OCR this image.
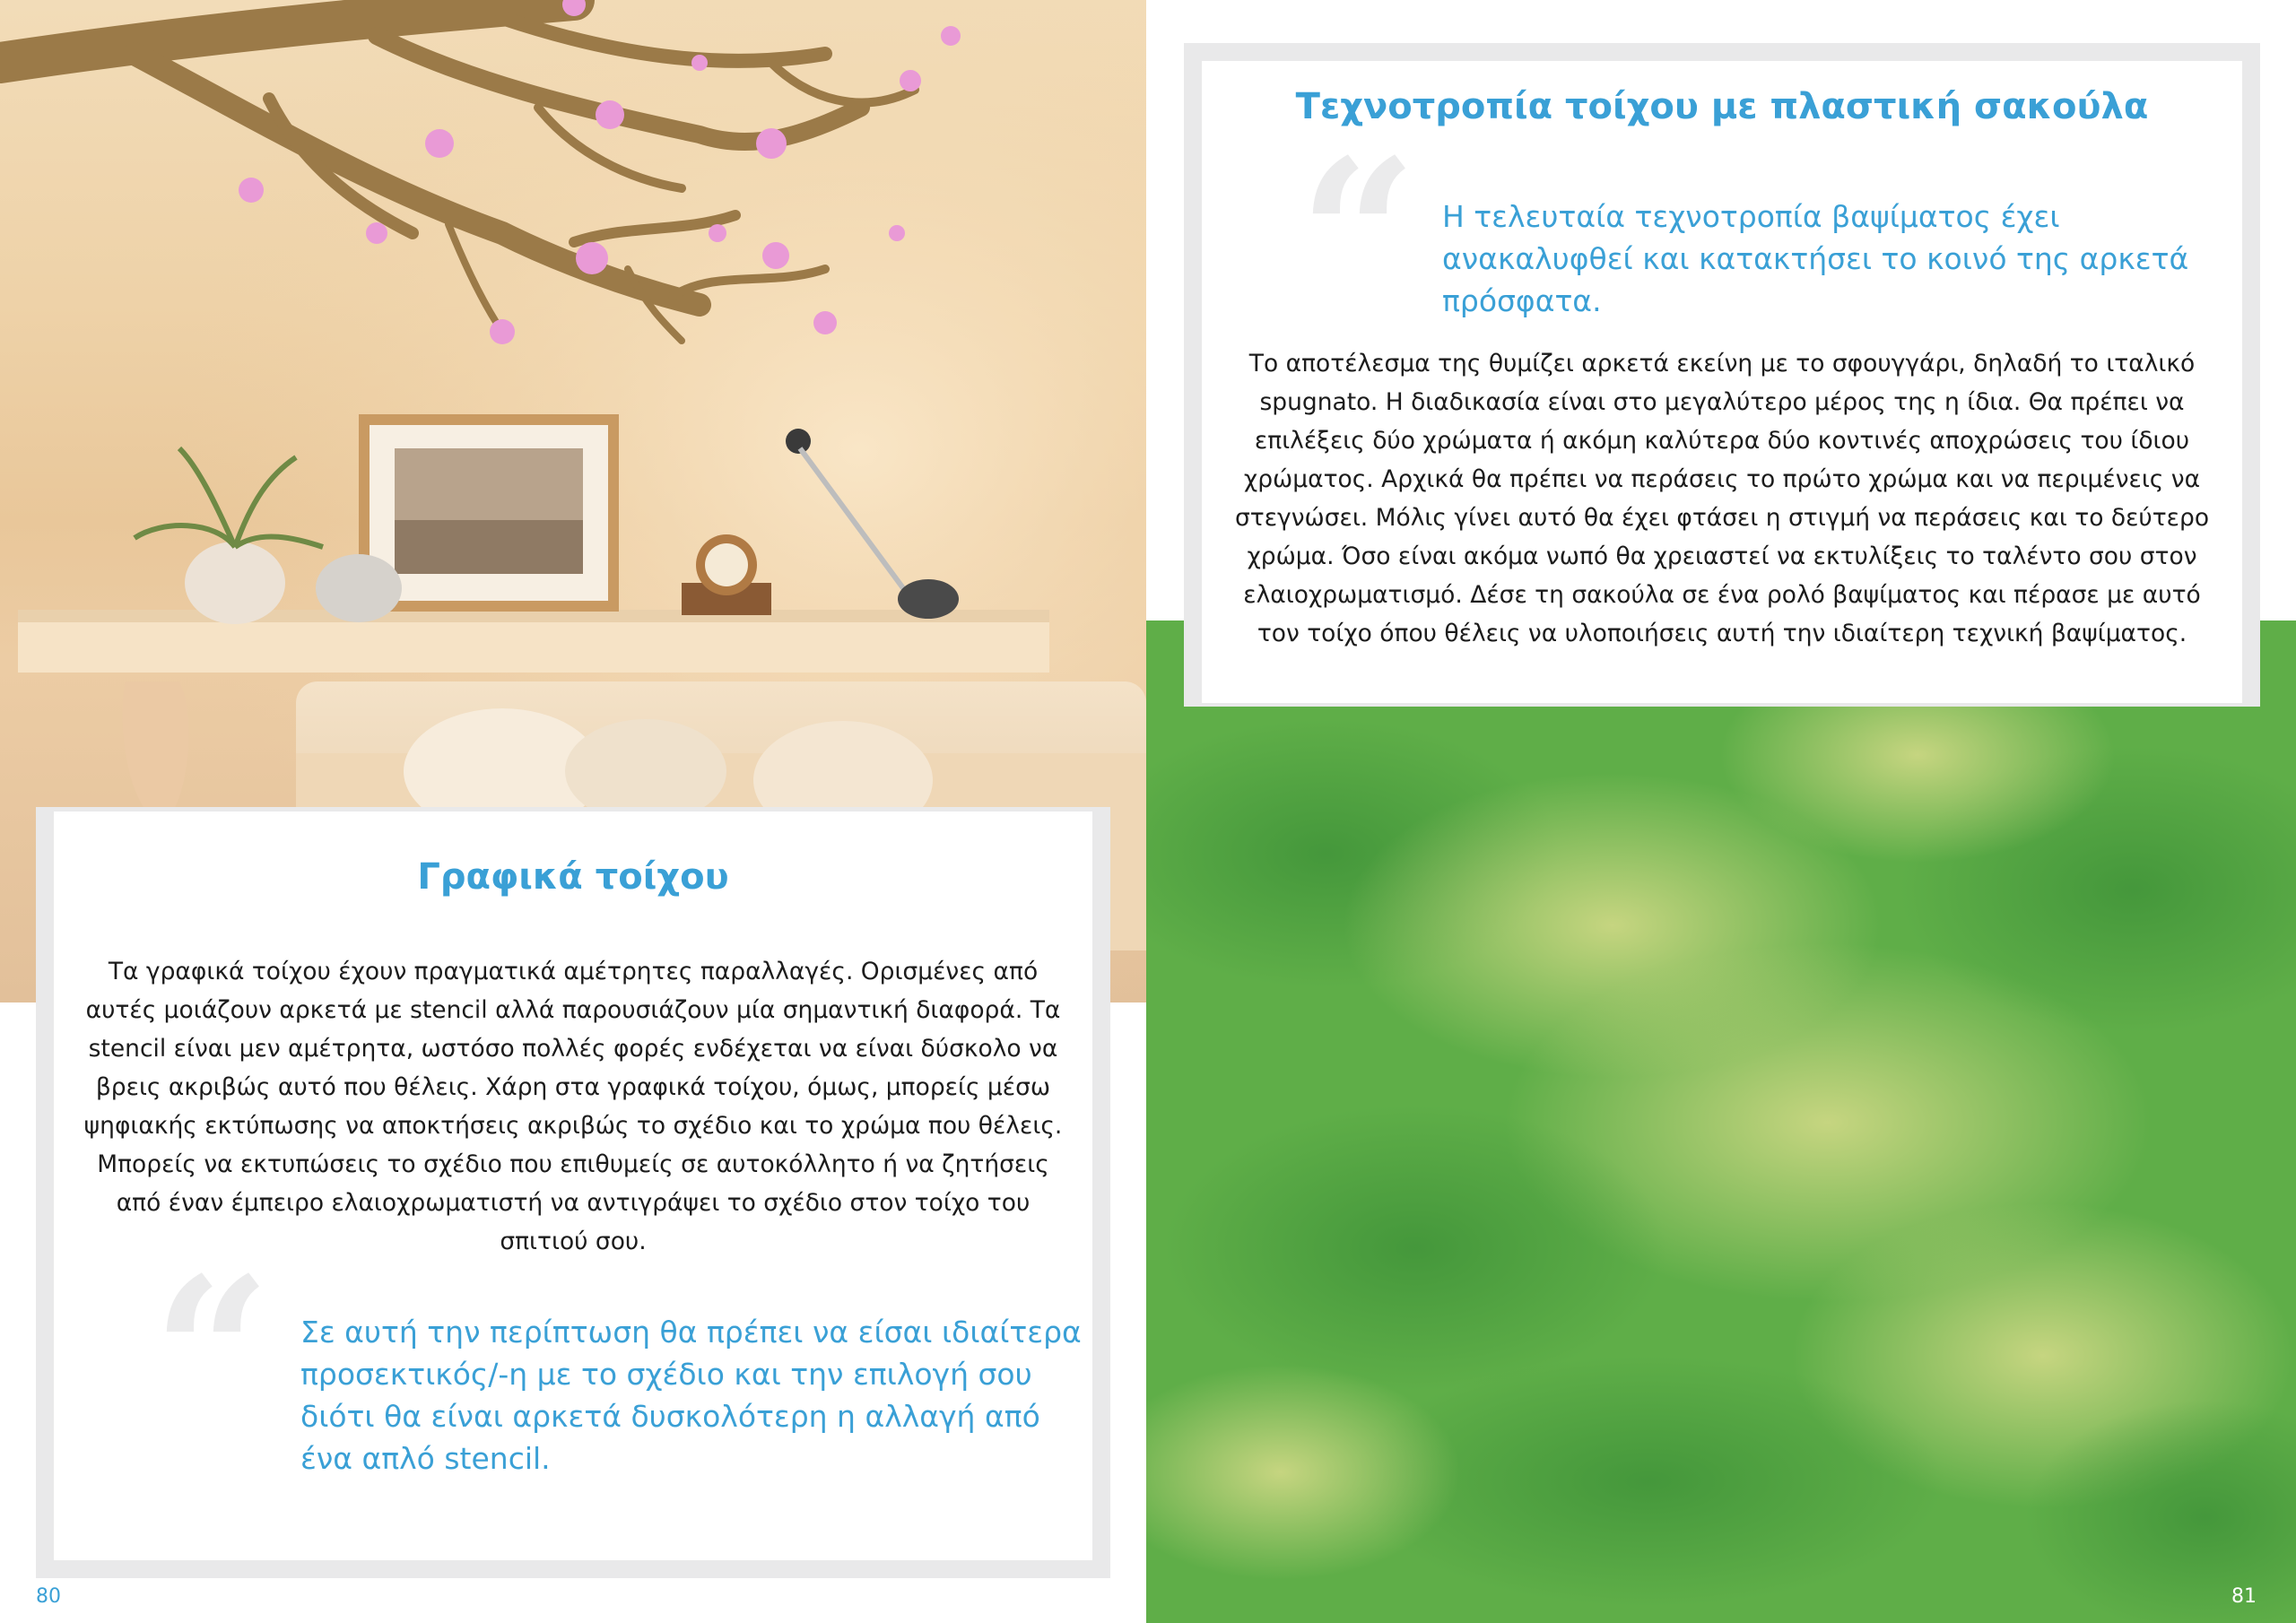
Γραφικά τοίχου

Τα γραφικά τοίχου έχουν πραγματικά αμέτρητες παραλλαγές. Ορισμένες από αυτές μοιάζουν αρκετά με stencil αλλά παρουσιάζουν μία σημαντική διαφορά. Τα stencil είναι μεν αμέτρητα, ωστόσο πολλές φορές ενδέχεται να είναι δύσκολο να βρεις ακριβώς αυτό που θέλεις. Χάρη στα γραφικά τοίχου, όμως, μπορείς μέσω ψηφιακής εκτύπωσης να αποκτήσεις ακριβώς το σχέδιο και το χρώμα που θέλεις. Μπορείς να εκτυπώσεις το σχέδιο που επιθυμείς σε αυτοκόλλητο ή να ζητήσεις από έναν έμπειρο ελαιοχρωματιστή να αντιγράψει το σχέδιο στον τοίχο του σπιτιού σου.

“ Σε αυτή την περίπτωση θα πρέπει να είσαι ιδιαίτερα προσεκτικός/-η με το σχέδιο και την επιλογή σου διότι θα είναι αρκετά δυσκολότερη η αλλαγή από ένα απλό stencil.

Τεχνοτροπία τοίχου με πλαστική σακούλα
“ Η τελευταία τεχνοτροπία βαψίματος έχει ανακαλυφθεί και κατακτήσει το κοινό της αρκετά πρόσφατα.

Το αποτέλεσμα της θυμίζει αρκετά εκείνη με το σφουγγάρι, δηλαδή το ιταλικό spugnato. Η διαδικασία είναι στο μεγαλύτερο μέρος της η ίδια. Θα πρέπει να επιλέξεις δύο χρώματα ή ακόμη καλύτερα δύο κοντινές αποχρώσεις του ίδιου χρώματος. Αρχικά θα πρέπει να περάσεις το πρώτο χρώμα και να περιμένεις να στεγνώσει. Μόλις γίνει αυτό θα έχει φτάσει η στιγμή να περάσεις και το δεύτερο χρώμα. Όσο είναι ακόμα νωπό θα χρειαστεί να εκτυλίξεις το ταλέντο σου στον ελαιοχρωματισμό. Δέσε τη σακούλα σε ένα ρολό βαψίματος και πέρασε με αυτό τον τοίχο όπου θέλεις να υλοποιήσεις αυτή την ιδιαίτερη τεχνική βαψίματος.

80	81
